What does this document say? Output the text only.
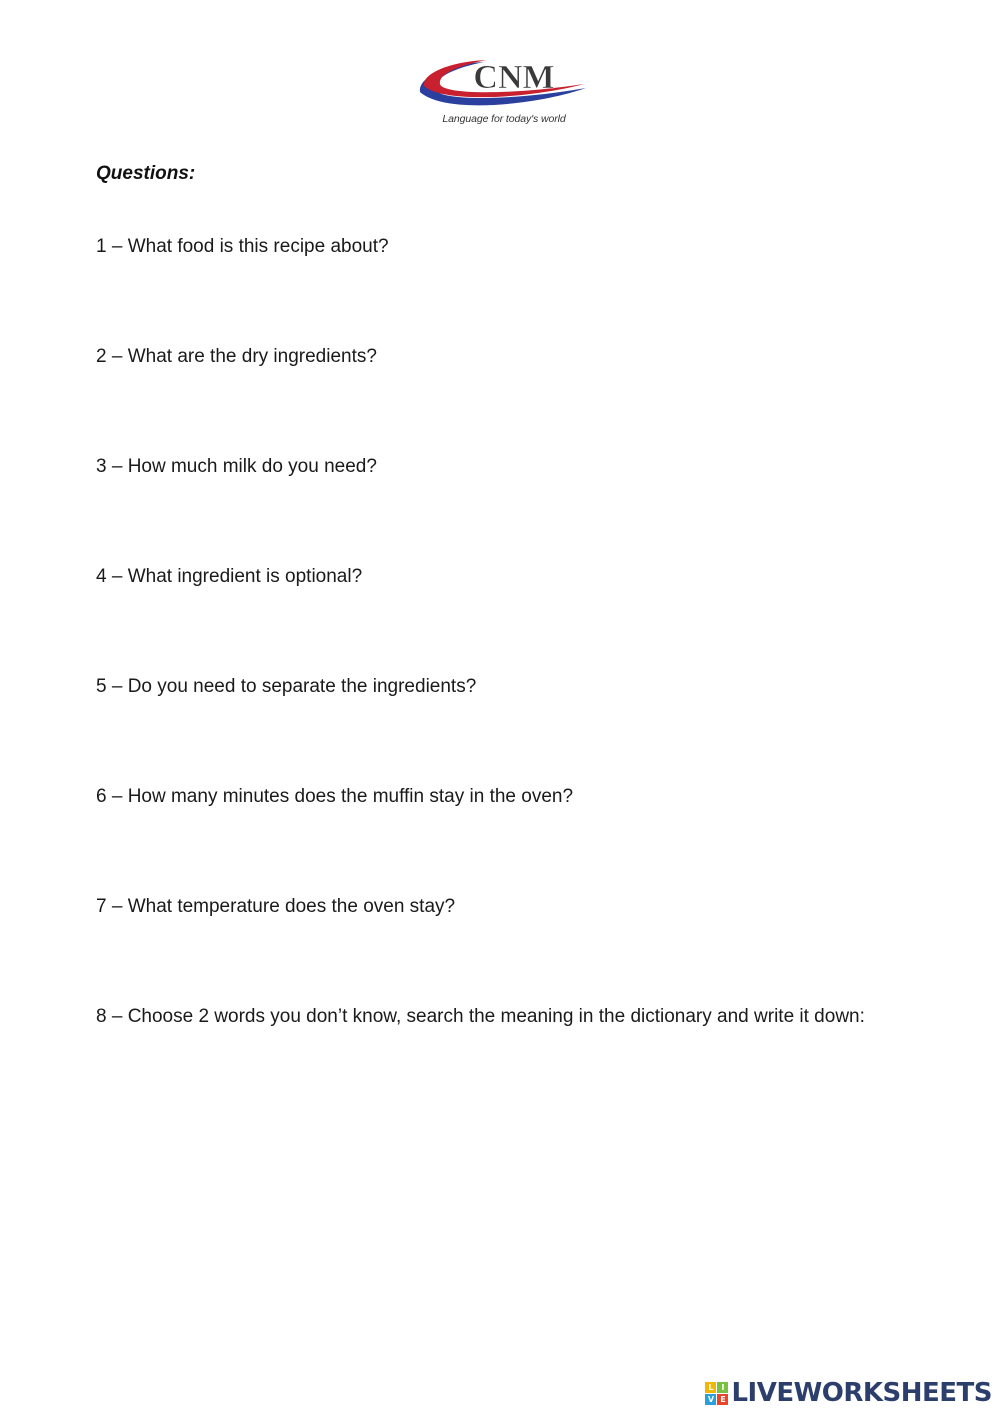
CNM
Language for today's world
Questions:
1 – What food is this recipe about?
2 – What are the dry ingredients?
3 – How much milk do you need?
4 – What ingredient is optional?
5 – Do you need to separate the ingredients?
6 – How many minutes does the muffin stay in the oven?
7 – What temperature does the oven stay?
8 – Choose 2 words you don’t know, search the meaning in the dictionary and write it down:
L I
V E LIVEWORKSHEETS
